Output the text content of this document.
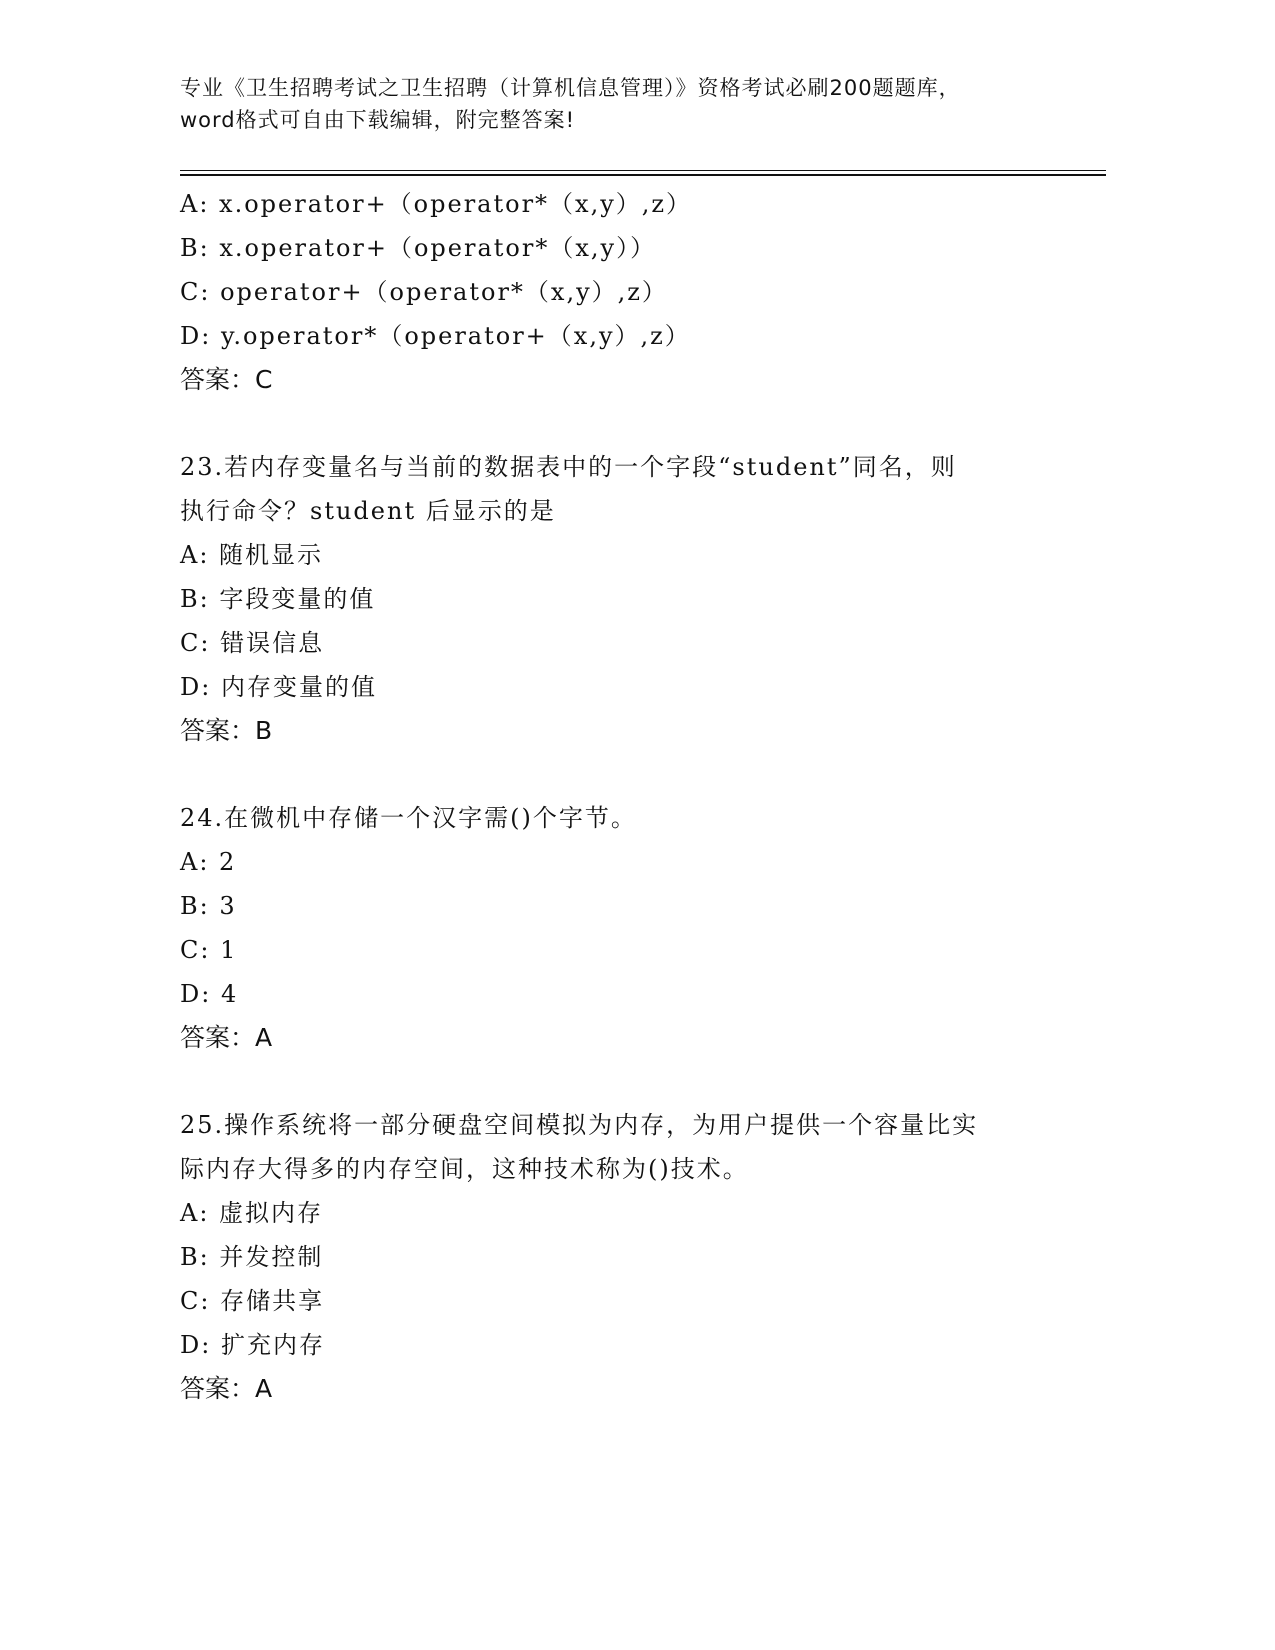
专业《卫生招聘考试之卫生招聘（计算机信息管理）》资格考试必刷200题题库，
word格式可自由下载编辑，附完整答案!
A: x.operator+（operator*（x,y）,z）
B: x.operator+（operator*（x,y））
C: operator+（operator*（x,y）,z）
D: y.operator*（operator+（x,y）,z）
答案：C
23.若内存变量名与当前的数据表中的一个字段“student”同名，则
执行命令？student 后显示的是
A: 随机显示
B: 字段变量的值
C: 错误信息
D: 内存变量的值
答案：B
24.在微机中存储一个汉字需()个字节。
A: 2
B: 3
C: 1
D: 4
答案：A
25.操作系统将一部分硬盘空间模拟为内存，为用户提供一个容量比实
际内存大得多的内存空间，这种技术称为()技术。
A: 虚拟内存
B: 并发控制
C: 存储共享
D: 扩充内存
答案：A
